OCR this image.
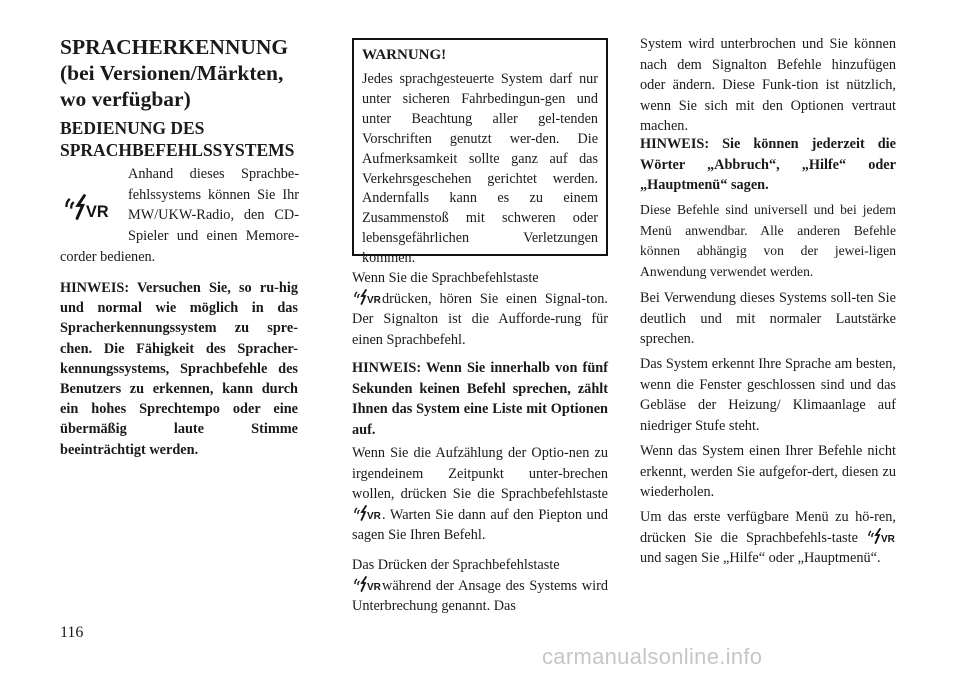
SPRACHERKENNUNG
(bei Versionen/Märkten,
wo verfügbar)
BEDIENUNG DES
SPRACHBEFEHLSSYSTEMS
Anhand dieses Sprachbe-
fehlssystems können Sie Ihr
MW/UKW-Radio, den CD-
Spieler und einen Memore-
corder bedienen.
HINWEIS: Versuchen Sie, so ru-hig und normal wie möglich in das Spracherkennungssystem zu spre-chen. Die Fähigkeit des Spracher-kennungssystems, Sprachbefehle des Benutzers zu erkennen, kann durch ein hohes Sprechtempo oder eine übermäßig laute Stimme beeinträchtigt werden.
WARNUNG!
Jedes sprachgesteuerte System darf nur unter sicheren Fahrbedingun-gen und unter Beachtung aller gel-tenden Vorschriften genutzt wer-den. Die Aufmerksamkeit sollte ganz auf das Verkehrsgeschehen gerichtet werden. Andernfalls kann es zu einem Zusammenstoß mit schweren oder lebensgefährlichen Verletzungen kommen.
Wenn Sie die Sprachbefehlstaste
drücken, hören Sie einen Signal-ton. Der Signalton ist die Aufforde-rung für einen Sprachbefehl.
HINWEIS: Wenn Sie innerhalb von fünf Sekunden keinen Befehl sprechen, zählt Ihnen das System eine Liste mit Optionen auf.
Wenn Sie die Aufzählung der Optio-nen zu irgendeinem Zeitpunkt unter-brechen wollen, drücken Sie die Sprachbefehlstaste
. Warten Sie dann auf den Piepton und sagen Sie Ihren Befehl.
Das Drücken der Sprachbefehlstaste
während der Ansage des Systems wird Unterbrechung genannt. Das
System wird unterbrochen und Sie können nach dem Signalton Befehle hinzufügen oder ändern. Diese Funk-tion ist nützlich, wenn Sie sich mit den Optionen vertraut machen.
HINWEIS: Sie können jederzeit die Wörter „Abbruch“, „Hilfe“ oder „Hauptmenü“ sagen.
Diese Befehle sind universell und bei jedem Menü anwendbar. Alle anderen Befehle können abhängig von der jewei-ligen Anwendung verwendet werden.
Bei Verwendung dieses Systems soll-ten Sie deutlich und mit normaler Lautstärke sprechen.
Das System erkennt Ihre Sprache am besten, wenn die Fenster geschlossen sind und das Gebläse der Heizung/ Klimaanlage auf niedriger Stufe steht.
Wenn das System einen Ihrer Befehle nicht erkennt, werden Sie aufgefor-dert, diesen zu wiederholen.
Um das erste verfügbare Menü zu hö-ren, drücken Sie die Sprachbefehls-taste
und sagen Sie „Hilfe“ oder „Hauptmenü“.
116
carmanualsonline.info
